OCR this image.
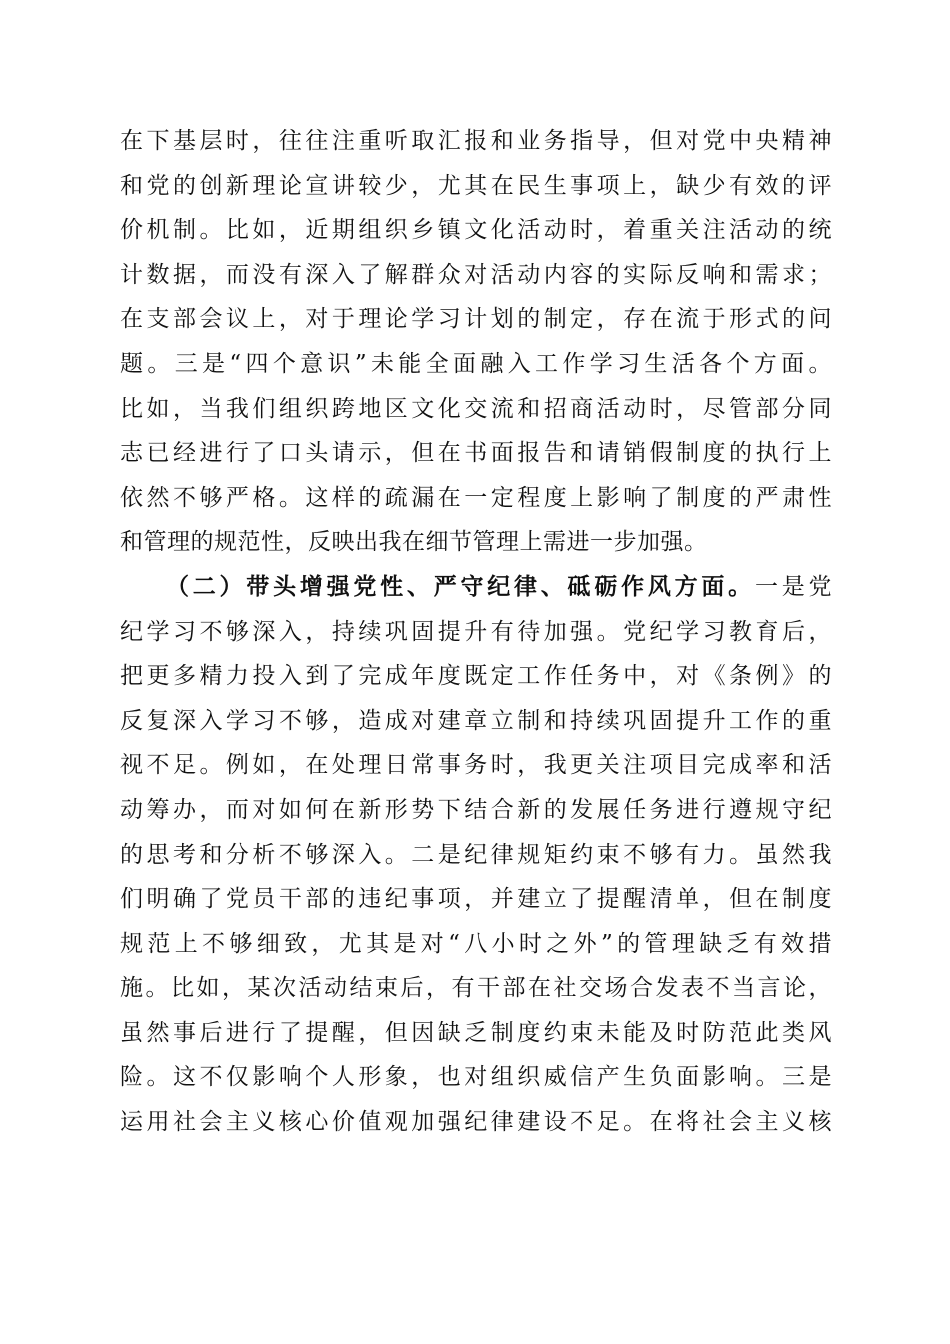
在下基层时，往往注重听取汇报和业务指导，但对党中央精神
和党的创新理论宣讲较少，尤其在民生事项上，缺少有效的评
价机制。比如，近期组织乡镇文化活动时，着重关注活动的统
计数据，而没有深入了解群众对活动内容的实际反响和需求；
在支部会议上，对于理论学习计划的制定，存在流于形式的问
题。三是“四个意识”未能全面融入工作学习生活各个方面。
比如，当我们组织跨地区文化交流和招商活动时，尽管部分同
志已经进行了口头请示，但在书面报告和请销假制度的执行上
依然不够严格。这样的疏漏在一定程度上影响了制度的严肃性
和管理的规范性，反映出我在细节管理上需进一步加强。
（二）带头增强党性、严守纪律、砥砺作风方面。一是党
纪学习不够深入，持续巩固提升有待加强。党纪学习教育后，
把更多精力投入到了完成年度既定工作任务中，对《条例》的
反复深入学习不够，造成对建章立制和持续巩固提升工作的重
视不足。例如，在处理日常事务时，我更关注项目完成率和活
动筹办，而对如何在新形势下结合新的发展任务进行遵规守纪
的思考和分析不够深入。二是纪律规矩约束不够有力。虽然我
们明确了党员干部的违纪事项，并建立了提醒清单，但在制度
规范上不够细致，尤其是对“八小时之外”的管理缺乏有效措
施。比如，某次活动结束后，有干部在社交场合发表不当言论，
虽然事后进行了提醒，但因缺乏制度约束未能及时防范此类风
险。这不仅影响个人形象，也对组织威信产生负面影响。三是
运用社会主义核心价值观加强纪律建设不足。在将社会主义核
